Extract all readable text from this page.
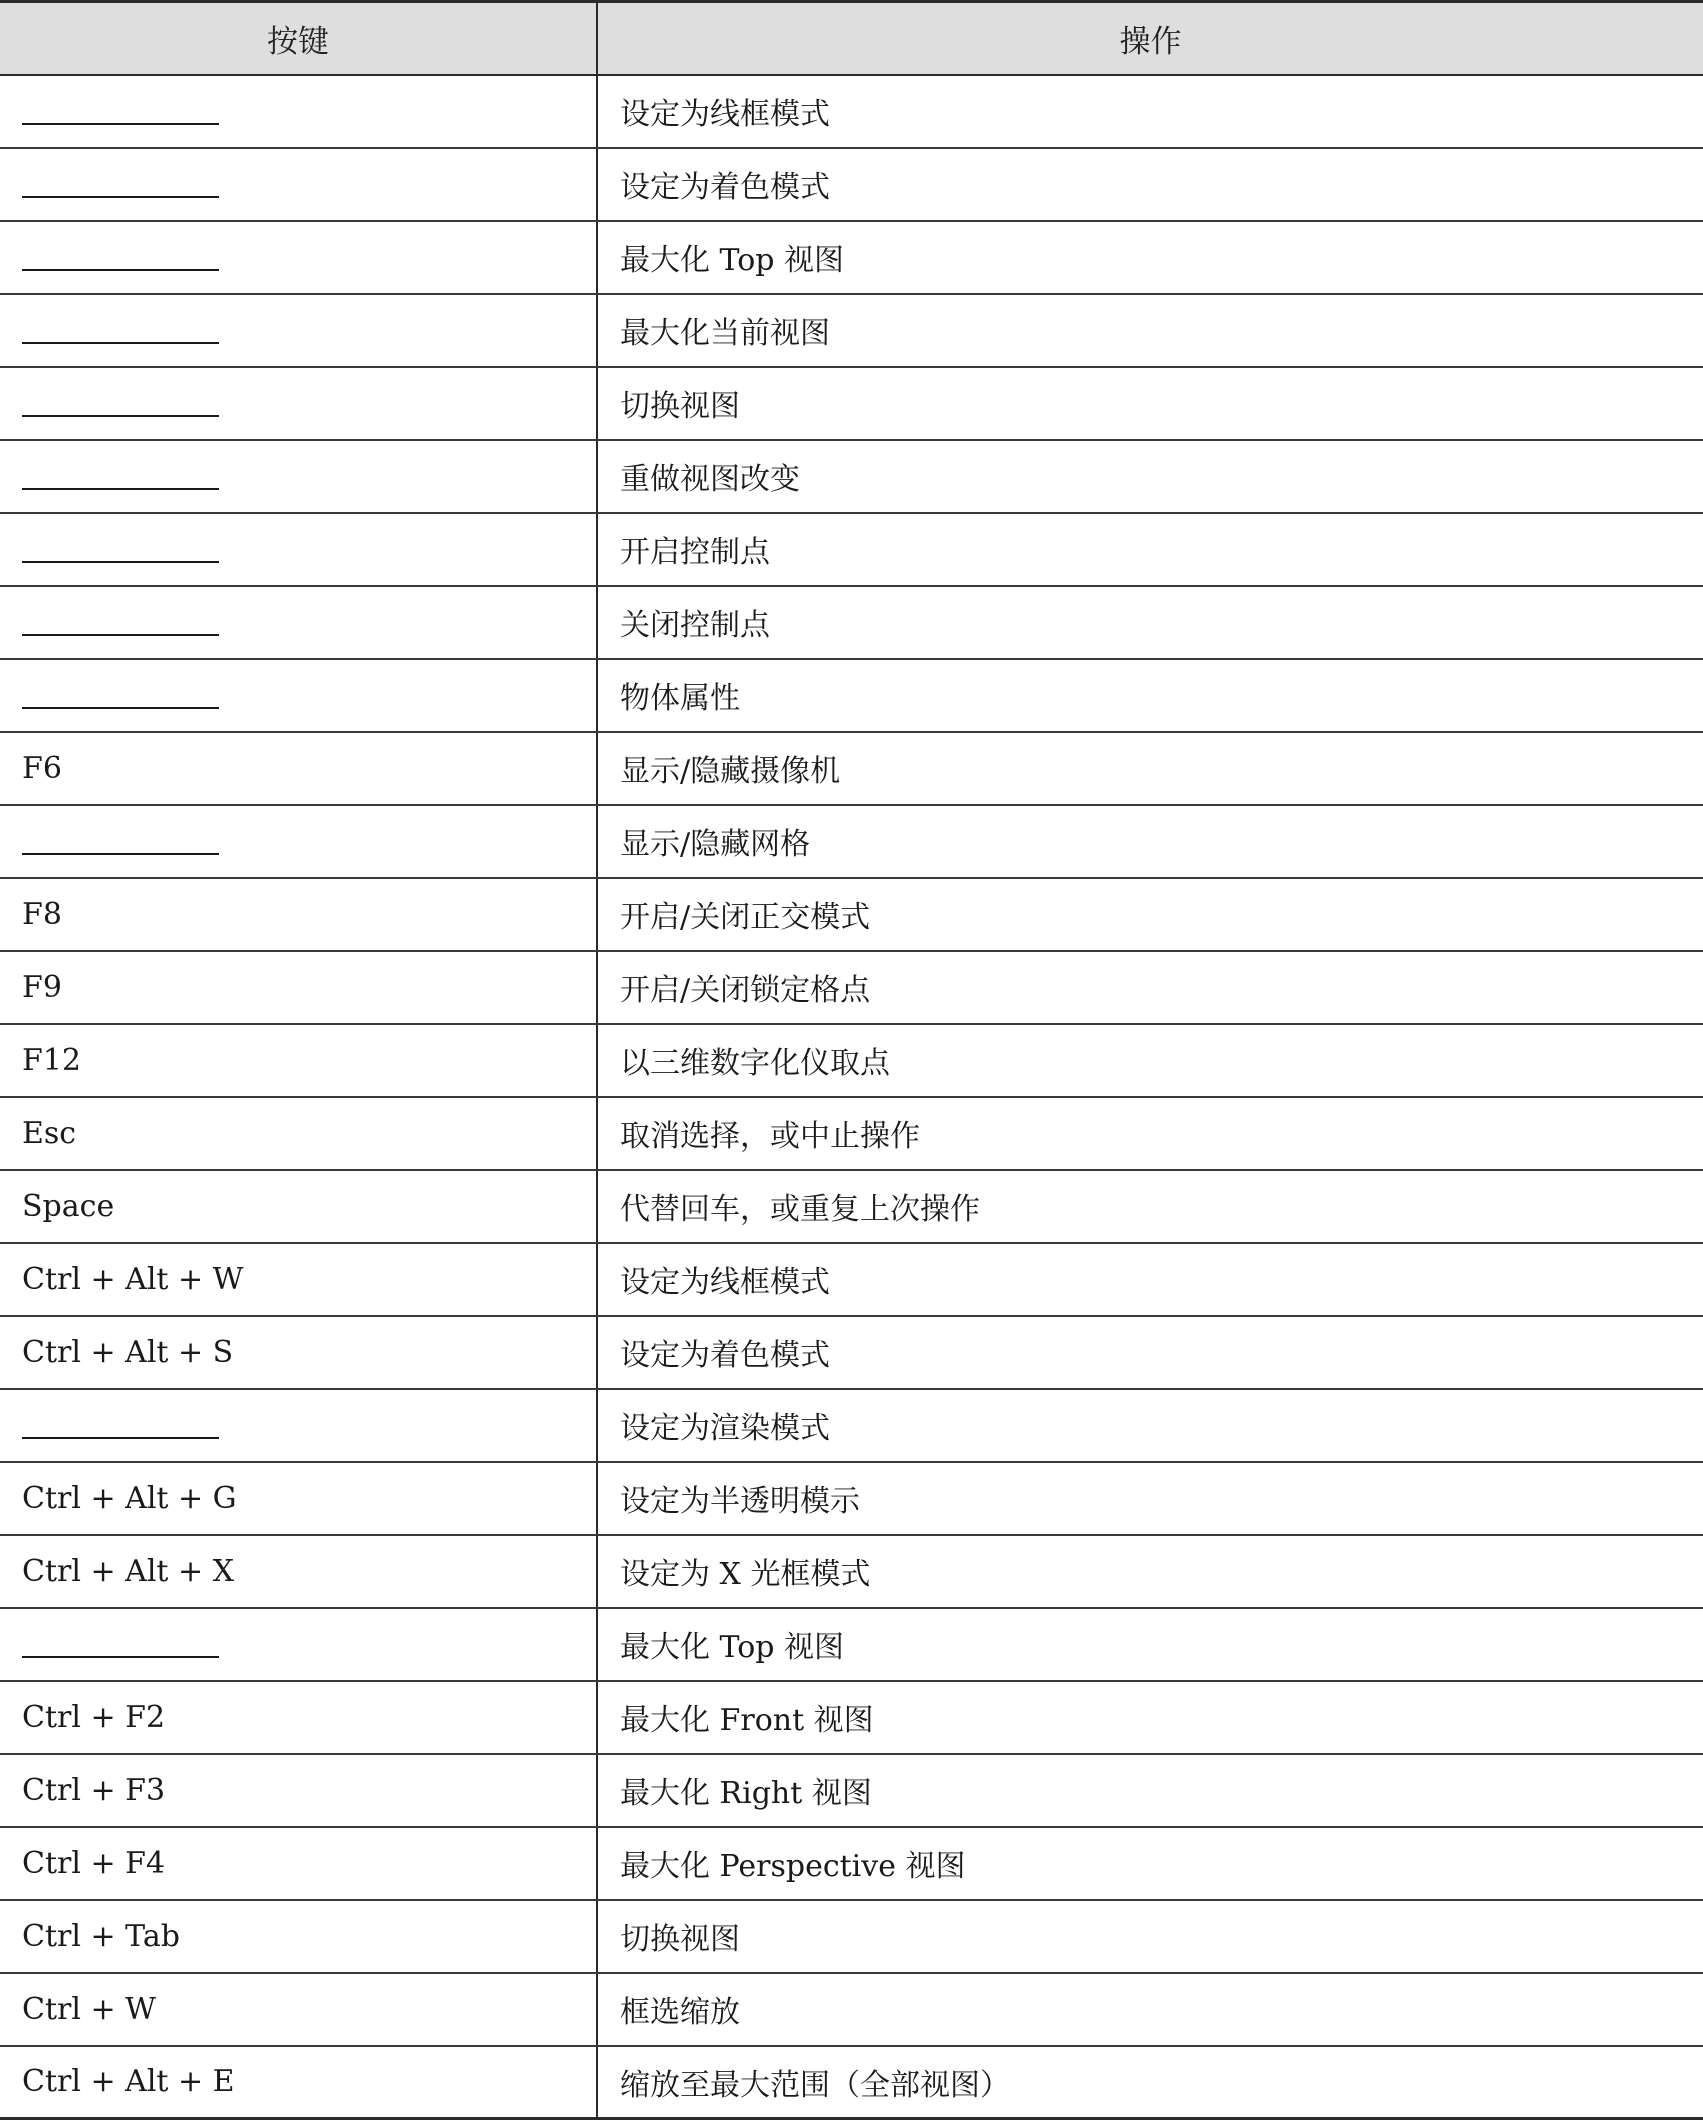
按键	操作
	设定为线框模式
	设定为着色模式
	最大化 Top 视图
	最大化当前视图
	切换视图
	重做视图改变
	开启控制点
	关闭控制点
	物体属性
F6	显示/隐藏摄像机
	显示/隐藏网格
F8	开启/关闭正交模式
F9	开启/关闭锁定格点
F12	以三维数字化仪取点
Esc	取消选择，或中止操作
Space	代替回车，或重复上次操作
Ctrl + Alt + W	设定为线框模式
Ctrl + Alt + S	设定为着色模式
	设定为渲染模式
Ctrl + Alt + G	设定为半透明模示
Ctrl + Alt + X	设定为 X 光框模式
	最大化 Top 视图
Ctrl + F2	最大化 Front 视图
Ctrl + F3	最大化 Right 视图
Ctrl + F4	最大化 Perspective 视图
Ctrl + Tab	切换视图
Ctrl + W	框选缩放
Ctrl + Alt + E	缩放至最大范围（全部视图）
